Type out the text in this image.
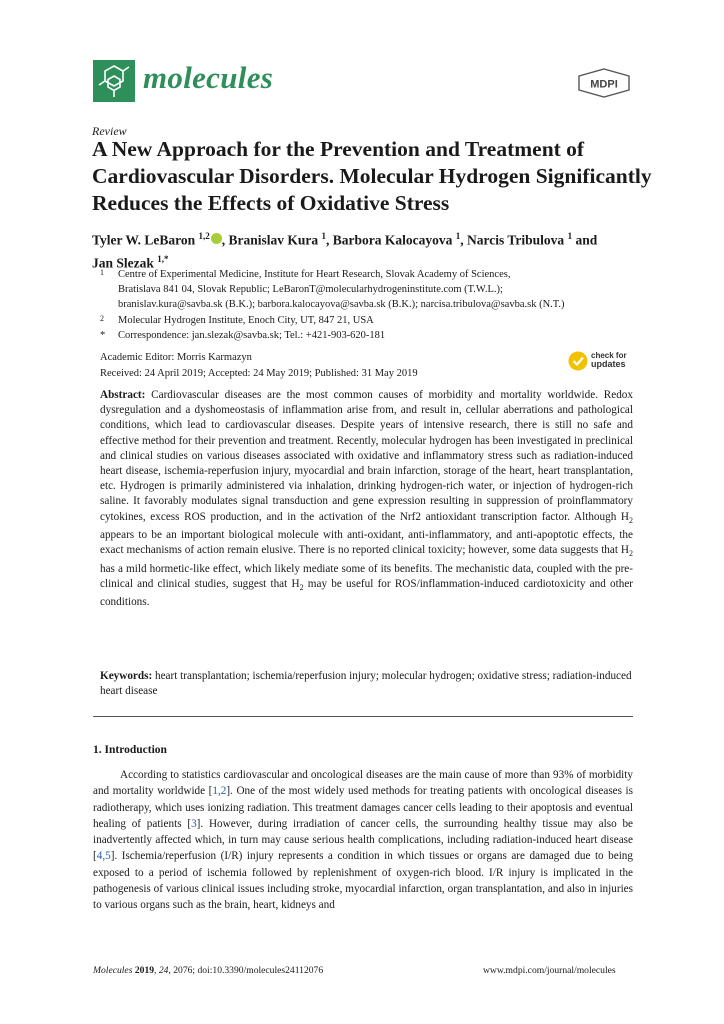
molecules	MDPI
Review
A New Approach for the Prevention and Treatment of Cardiovascular Disorders. Molecular Hydrogen Significantly Reduces the Effects of Oxidative Stress
Tyler W. LeBaron $^{1,2}$ , Branislav Kura $^1$, Barbora Kalocayova $^1$, Narcis Tribulova $^1$ and
Jan Slezak $^{1,*}$
1 Centre of Experimental Medicine, Institute for Heart Research, Slovak Academy of Sciences,
Bratislava 841 04, Slovak Republic; LeBaronT@molecularhydrogeninstitute.com (T.W.L.);
branislav.kura@savba.sk (B.K.); barbora.kalocayova@savba.sk (B.K.); narcisa.tribulova@savba.sk (N.T.)
2 Molecular Hydrogen Institute, Enoch City, UT, 847 21, USA
* Correspondence: jan.slezak@savba.sk; Tel.: +421-903-620-181
Academic Editor: Morris Karmazyn
Received: 24 April 2019; Accepted: 24 May 2019; Published: 31 May 2019
check for
updates
Abstract: Cardiovascular diseases are the most common causes of morbidity and mortality worldwide. Redox dysregulation and a dyshomeostasis of inflammation arise from, and result in, cellular aberrations and pathological conditions, which lead to cardiovascular diseases. Despite years of intensive research, there is still no safe and effective method for their prevention and treatment. Recently, molecular hydrogen has been investigated in preclinical and clinical studies on various diseases associated with oxidative and inflammatory stress such as radiation-induced heart disease, ischemia-reperfusion injury, myocardial and brain infarction, storage of the heart, heart transplantation, etc. Hydrogen is primarily administered via inhalation, drinking hydrogen-rich water, or injection of hydrogen-rich saline. It favorably modulates signal transduction and gene expression resulting in suppression of proinflammatory cytokines, excess ROS production, and in the activation of the Nrf2 antioxidant transcription factor. Although $H_2$ appears to be an important biological molecule with anti-oxidant, anti-inflammatory, and anti-apoptotic effects, the exact mechanisms of action remain elusive. There is no reported clinical toxicity; however, some data suggests that $H_2$ has a mild hormetic-like effect, which likely mediate some of its benefits. The mechanistic data, coupled with the pre-clinical and clinical studies, suggest that $H_2$ may be useful for ROS/inflammation-induced cardiotoxicity and other conditions.
Keywords: heart transplantation; ischemia/reperfusion injury; molecular hydrogen; oxidative stress; radiation-induced heart disease
1. Introduction

According to statistics cardiovascular and oncological diseases are the main cause of more than 93% of morbidity and mortality worldwide [1,2]. One of the most widely used methods for treating patients with oncological diseases is radiotherapy, which uses ionizing radiation. This treatment damages cancer cells leading to their apoptosis and eventual healing of patients [3]. However, during irradiation of cancer cells, the surrounding healthy tissue may also be inadvertently affected which, in turn may cause serious health complications, including radiation-induced heart disease [4,5]. Ischemia/reperfusion (I/R) injury represents a condition in which tissues or organs are damaged due to being exposed to a period of ischemia followed by replenishment of oxygen-rich blood. I/R injury is implicated in the pathogenesis of various clinical issues including stroke, myocardial infarction, organ transplantation, and also in injuries to various organs such as the brain, heart, kidneys and

Molecules 2019, 24, 2076; doi:10.3390/molecules24112076	www.mdpi.com/journal/molecules
